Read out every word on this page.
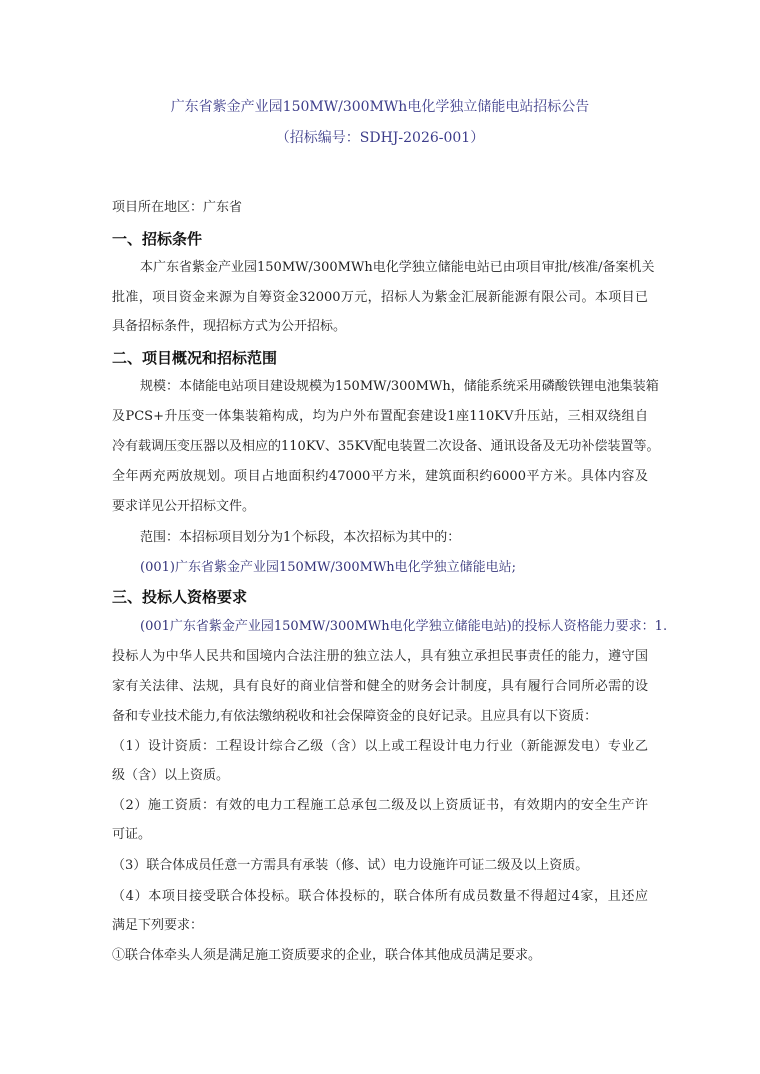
广东省紫金产业园150MW/300MWh电化学独立储能电站招标公告
（招标编号：SDHJ-2026-001）
项目所在地区：广东省
一、招标条件
本广东省紫金产业园150MW/300MWh电化学独立储能电站已由项目审批/核准/备案机关
批准，项目资金来源为自筹资金32000万元，招标人为紫金汇展新能源有限公司。本项目已
具备招标条件，现招标方式为公开招标。
二、项目概况和招标范围
规模：本储能电站项目建设规模为150MW/300MWh，储能系统采用磷酸铁锂电池集装箱
及PCS+升压变一体集装箱构成，均为户外布置配套建设1座110KV升压站，三相双绕组自
冷有载调压变压器以及相应的110KV、35KV配电装置二次设备、通讯设备及无功补偿装置等。
全年两充两放规划。项目占地面积约47000平方米，建筑面积约6000平方米。具体内容及
要求详见公开招标文件。
范围：本招标项目划分为1个标段，本次招标为其中的：
(001)广东省紫金产业园150MW/300MWh电化学独立储能电站;
三、投标人资格要求
(001广东省紫金产业园150MW/300MWh电化学独立储能电站)的投标人资格能力要求：1.
投标人为中华人民共和国境内合法注册的独立法人，具有独立承担民事责任的能力，遵守国
家有关法律、法规，具有良好的商业信誉和健全的财务会计制度，具有履行合同所必需的设
备和专业技术能力,有依法缴纳税收和社会保障资金的良好记录。且应具有以下资质：
（1）设计资质：工程设计综合乙级（含）以上或工程设计电力行业（新能源发电）专业乙
级（含）以上资质。
（2）施工资质：有效的电力工程施工总承包二级及以上资质证书，有效期内的安全生产许
可证。
（3）联合体成员任意一方需具有承装（修、试）电力设施许可证二级及以上资质。
（4）本项目接受联合体投标。联合体投标的，联合体所有成员数量不得超过4家，且还应
满足下列要求：
①联合体牵头人须是满足施工资质要求的企业，联合体其他成员满足要求。
